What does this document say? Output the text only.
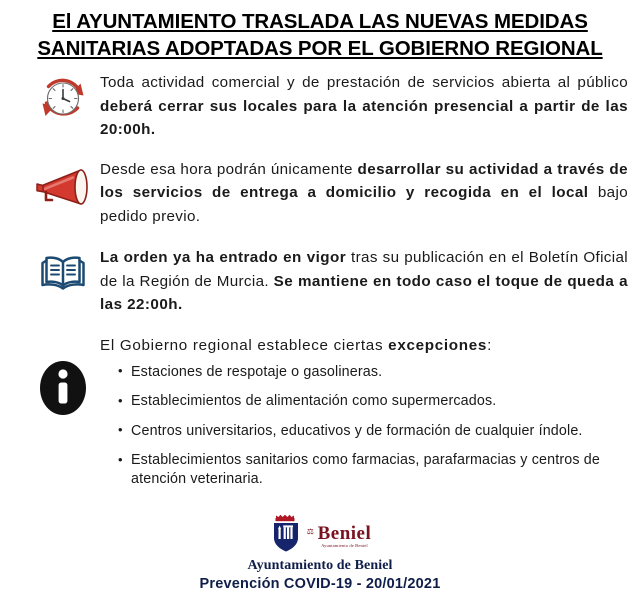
El AYUNTAMIENTO TRASLADA LAS NUEVAS MEDIDAS
SANITARIAS ADOPTADAS POR EL GOBIERNO REGIONAL

Toda actividad comercial y de prestación de servicios abierta al público deberá cerrar sus locales para la atención presencial a partir de las 20:00h.

Desde esa hora podrán únicamente desarrollar su actividad a través de los servicios de entrega a domicilio y recogida en el local bajo pedido previo.

La orden ya ha entrado en vigor tras su publicación en el Boletín Oficial de la Región de Murcia. Se mantiene en todo caso el toque de queda a las 22:00h.

El Gobierno regional establece ciertas excepciones:

• Estaciones de respotaje o gasolineras.
• Establecimientos de alimentación como supermercados.
• Centros universitarios, educativos y de formación de cualquier índole.
• Establecimientos sanitarios como farmacias, parafarmacias y centros de atención veterinaria.
⚖ Beniel
Ayuntamiento de Beniel
Ayuntamiento de Beniel
Prevención COVID-19 - 20/01/2021
